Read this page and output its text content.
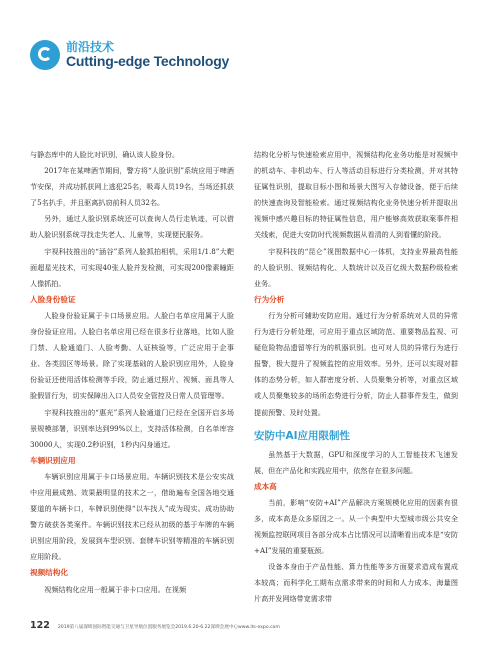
前沿技术
Cutting-edge Technology

与静态库中的人脸比对识别，确认该人脸身份。

2017年在某啤酒节期间，警方将“人脸识别”系统应用于啤酒节安保，并成功抓获网上逃犯25名，吸毒人员19名，当场还抓获了5名扒手，并且驱离扒窃前科人员32名。

另外，通过人脸识别系统还可以查询人员行走轨迹，可以借助人脸识别系统寻找走失老人、儿童等，实现便民服务。

宇视科技推出的“涵谷”系列人脸抓拍相机，采用1/1.8”大靶面超星光技术，可实现40张人脸并发检测，可实现200像素瞳距人像抓拍。

人脸身份验证

人脸身份验证属于卡口场景应用。人脸白名单应用属于人脸身份验证应用。人脸白名单应用已经在很多行业落地，比如人脸门禁、人脸通道门、人脸考勤、人证核验等，广泛应用于企事业、各类园区等场景。除了实现基础的人脸识别应用外，人脸身份验证还使用活体检测等手段，防止通过照片、视频、面具等人脸假冒行为，切实保障出入口人员安全管控及日常人员管理等。

宇视科技推出的“惠光”系列人脸通道门已经在全国开启多场景规模部署，识别率达到99%以上，支持活体检测，白名单库容30000人，实现0.2秒识别，1秒内闪身通过。

车辆识别应用

车辆识别应用属于卡口场景应用。车辆识别技术是公安实战中应用最成熟、效果最明显的技术之一，借助遍布全国各地交通要道的车辆卡口，车牌识别使得“以车找人”成为现实。成功协助警方破获各类案件。车辆识别技术已经从初级的基于车牌的车辆识别应用阶段，发展到车型识别、套牌车识别等精准的车辆识别应用阶段。

视频结构化

视频结构化应用一般属于非卡口应用。在视频

结构化分析与快速检索应用中，视频结构化业务功能是对视频中的机动车、非机动车、行人等活动目标进行分类检测，并对其特征属性识别，提取目标小图和场景大图写入存储设备，便于后续的快速查询及智能检索。通过视频结构化业务快速分析并提取出视频中感兴趣目标的特征属性信息，用户能够高效获取案事件相关线索，促进大安防时代视频数据从看清的人到看懂的阶段。

宇视科技的“昆仑”视图数据中心一体机，支持业界最高性能的人脸识别、视频结构化、人数统计以及百亿级大数据秒级检索业务。

行为分析

行为分析可辅助安防应用。通过行为分析系统对人员的异常行为进行分析处理，可应用于重点区域防范、重要物品监视、可疑危险物品遗留等行为的机器识别。也可对人员的异常行为进行报警，极大提升了视频监控的应用效率。另外，还可以实现对群体的态势分析，如人群密度分析、人员聚集分析等，对重点区域或人员聚集较多的场所态势进行分析，防止人群事件发生，做到提前预警、及时处置。

安防中AI应用限制性

虽然基于大数据，GPU和深度学习的人工智能技术飞速发展，但在产品化和实践应用中，依然存在很多问题。

成本高

当前，影响“安防+AI”产品解决方案规模化应用的因素有很多，成本高是众多原因之一。从一个典型中大型城市级公共安全视频监控联网项目各部分成本占比情况可以清晰看出成本是“安防+AI”发展的重要瓶颈。

设备本身由于产品性能、算力性能等多方面要求造成布置成本较高；而科学化工期布点需求带来的时间和人力成本、海量图片高并发网络带宽需求带

122 2019第八届深圳国际智能交通与卫星导航位置服务展览会2019.6.20-6.22深圳会展中心www.its-expo.com
